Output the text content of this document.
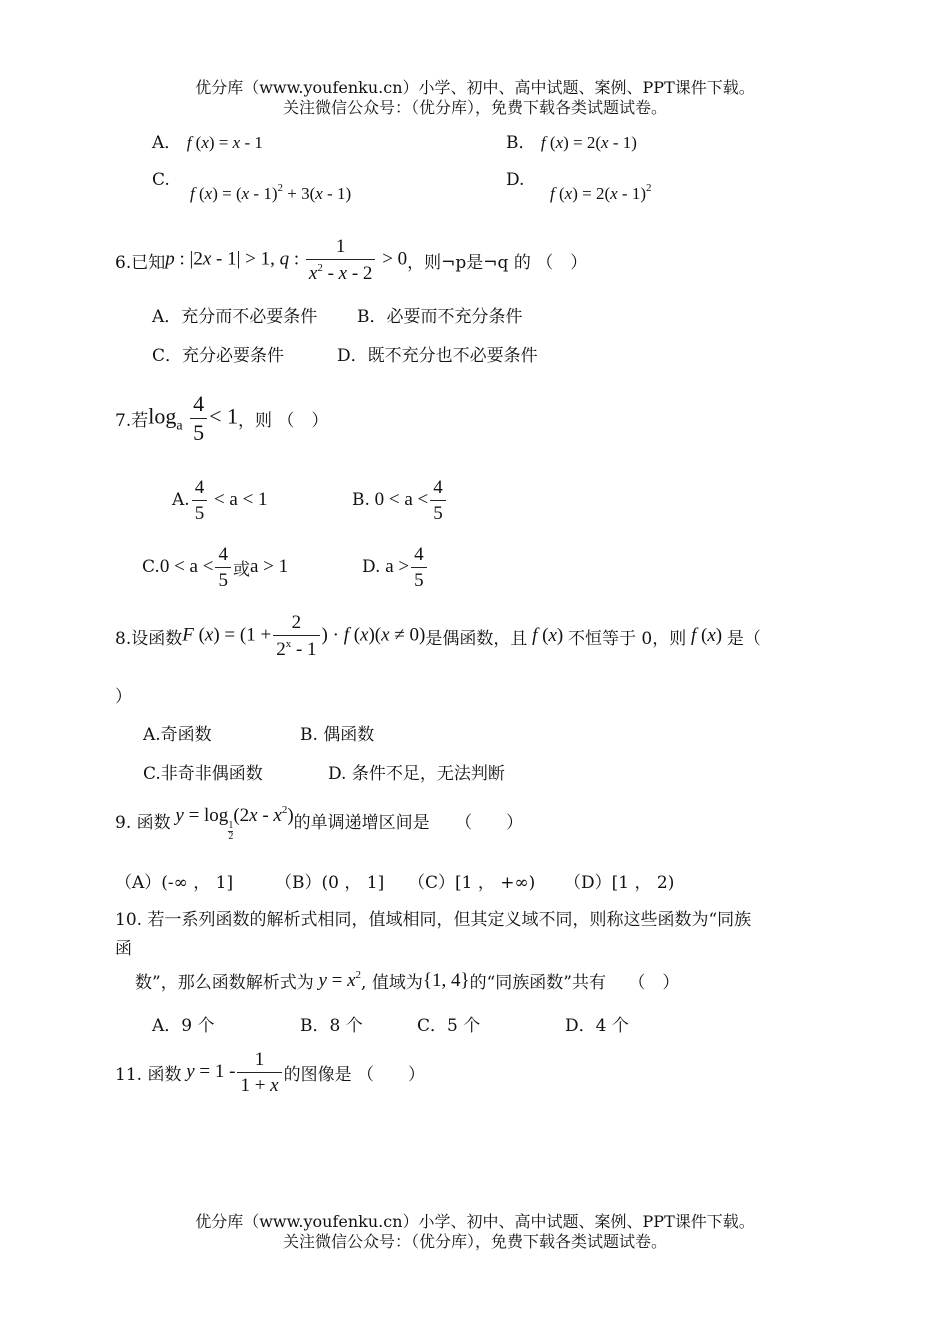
优分库（www.youfenku.cn）小学、初中、高中试题、案例、PPT课件下载。
关注微信公众号：（优分库），免费下载各类试题试卷。
A． f (x) = x - 1	B． f (x) = 2(x - 1)
C.
f (x) = (x - 1)$^2$ + 3(x - 1)
D.
f (x) = 2(x - 1)$^2$
6.已知 p : |2x - 1| > 1, q : $\frac{1}{x^2 - x - 2} > 0$ ，则¬p是¬q 的 （　）
A．充分而不必要条件 B．必要而不充分条件
C．充分必要条件	D．既不充分也不必要条件
7.若 $\log_a \frac{4}{5} < 1$ ，则 （　）
A. $\frac{4}{5} < a < 1$	B. $0 < a < \frac{4}{5}$
C. $0 < a < \frac{4}{5}$ 或 a > 1	D. $a > \frac{4}{5}$
8.设函数 F $(x) = (1 + \frac{2}{2^x - 1}$ ) · f (x)(x ≠ 0) 是偶函数，且 f (x) 不恒等于 0，则 f (x) 是（
）
A.奇函数	B. 偶函数
C.非奇非偶函数	D. 条件不足，无法判断
9. 函数 y = log
$\frac{1}{2}$
$(2x - x^2)$ 的单调递增区间是　　（　　）
（A）(-∞ ， 1] （B）(0 ， 1] （C）[1 ， +∞) （D）[1 ， 2)
10. 若一系列函数的解析式相同，值域相同，但其定义域不同，则称这些函数为“同族
函
数”，那么函数解析式为 $y = x^2$ , 值域为 {1, 4} 的“同族函数”共有　 （　）
A．9 个	B．8 个	C．5 个	D．4 个
11. 函数 $y = 1 - \frac{1}{1 + x}$ 的图像是 （　　）
优分库（www.youfenku.cn）小学、初中、高中试题、案例、PPT课件下载。
关注微信公众号：（优分库），免费下载各类试题试卷。
